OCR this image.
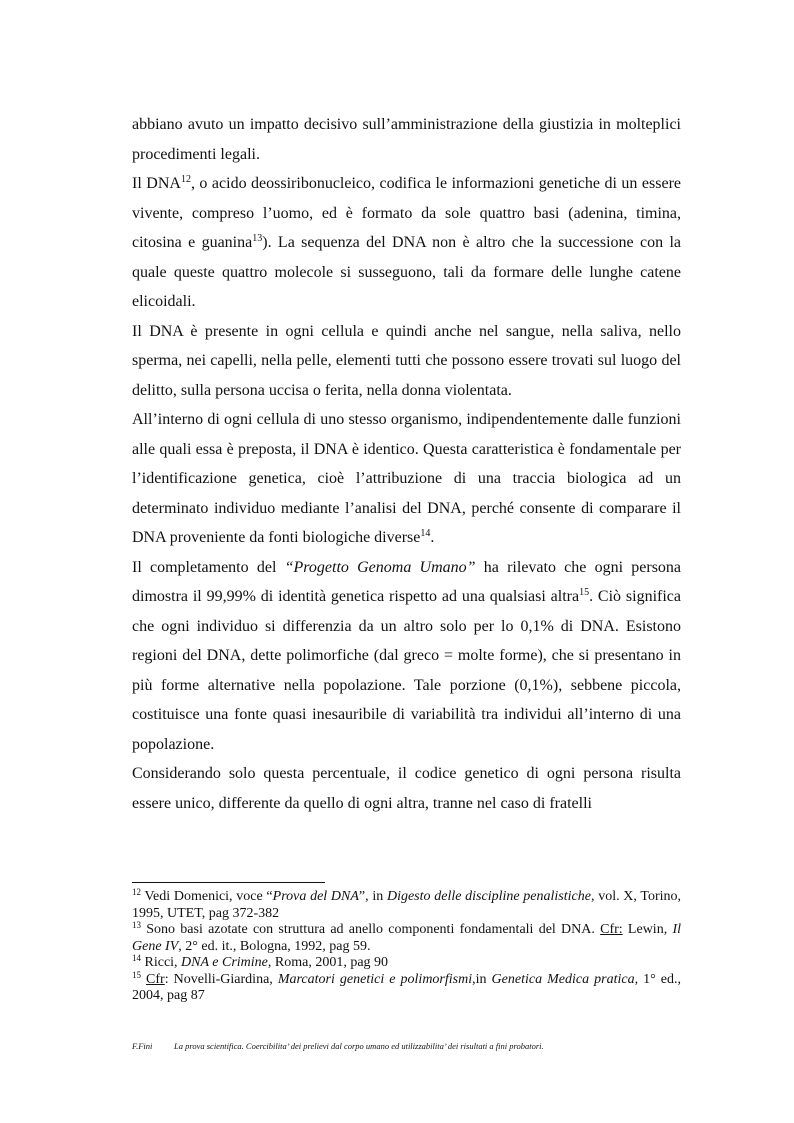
abbiano avuto un impatto decisivo sull’amministrazione della giustizia in molteplici procedimenti legali.

Il DNA$^{12}$, o acido deossiribonucleico, codifica le informazioni genetiche di un essere vivente, compreso l’uomo, ed è formato da sole quattro basi (adenina, timina, citosina e guanina$^{13}$). La sequenza del DNA non è altro che la successione con la quale queste quattro molecole si susseguono, tali da formare delle lunghe catene elicoidali.

Il DNA è presente in ogni cellula e quindi anche nel sangue, nella saliva, nello sperma, nei capelli, nella pelle, elementi tutti che possono essere trovati sul luogo del delitto, sulla persona uccisa o ferita, nella donna violentata.

All’interno di ogni cellula di uno stesso organismo, indipendentemente dalle funzioni alle quali essa è preposta, il DNA è identico. Questa caratteristica è fondamentale per l’identificazione genetica, cioè l’attribuzione di una traccia biologica ad un determinato individuo mediante l’analisi del DNA, perché consente di comparare il DNA proveniente da fonti biologiche diverse$^{14}$.

Il completamento del “Progetto Genoma Umano” ha rilevato che ogni persona dimostra il 99,99% di identità genetica rispetto ad una qualsiasi altra$^{15}$. Ciò significa che ogni individuo si differenzia da un altro solo per lo 0,1% di DNA. Esistono regioni del DNA, dette polimorfiche (dal greco = molte forme), che si presentano in più forme alternative nella popolazione. Tale porzione (0,1%), sebbene piccola, costituisce una fonte quasi inesauribile di variabilità tra individui all’interno di una popolazione.

Considerando solo questa percentuale, il codice genetico di ogni persona risulta essere unico, differente da quello di ogni altra, tranne nel caso di fratelli

$^{12}$ Vedi Domenici, voce “Prova del DNA”, in Digesto delle discipline penalistiche, vol. X, Torino, 1995, UTET, pag 372-382

$^{13}$ Sono basi azotate con struttura ad anello componenti fondamentali del DNA. Cfr: Lewin, Il Gene IV, 2° ed. it., Bologna, 1992, pag 59.

$^{14}$ Ricci, DNA e Crimine, Roma, 2001, pag 90

$^{15}$ Cfr: Novelli-Giardina, Marcatori genetici e polimorfismi,in Genetica Medica pratica, 1° ed., 2004, pag 87

F.Fini	La prova scientifica. Coercibilita’ dei prelievi dal corpo umano ed utilizzabilita’ dei risultati a fini probatori.
